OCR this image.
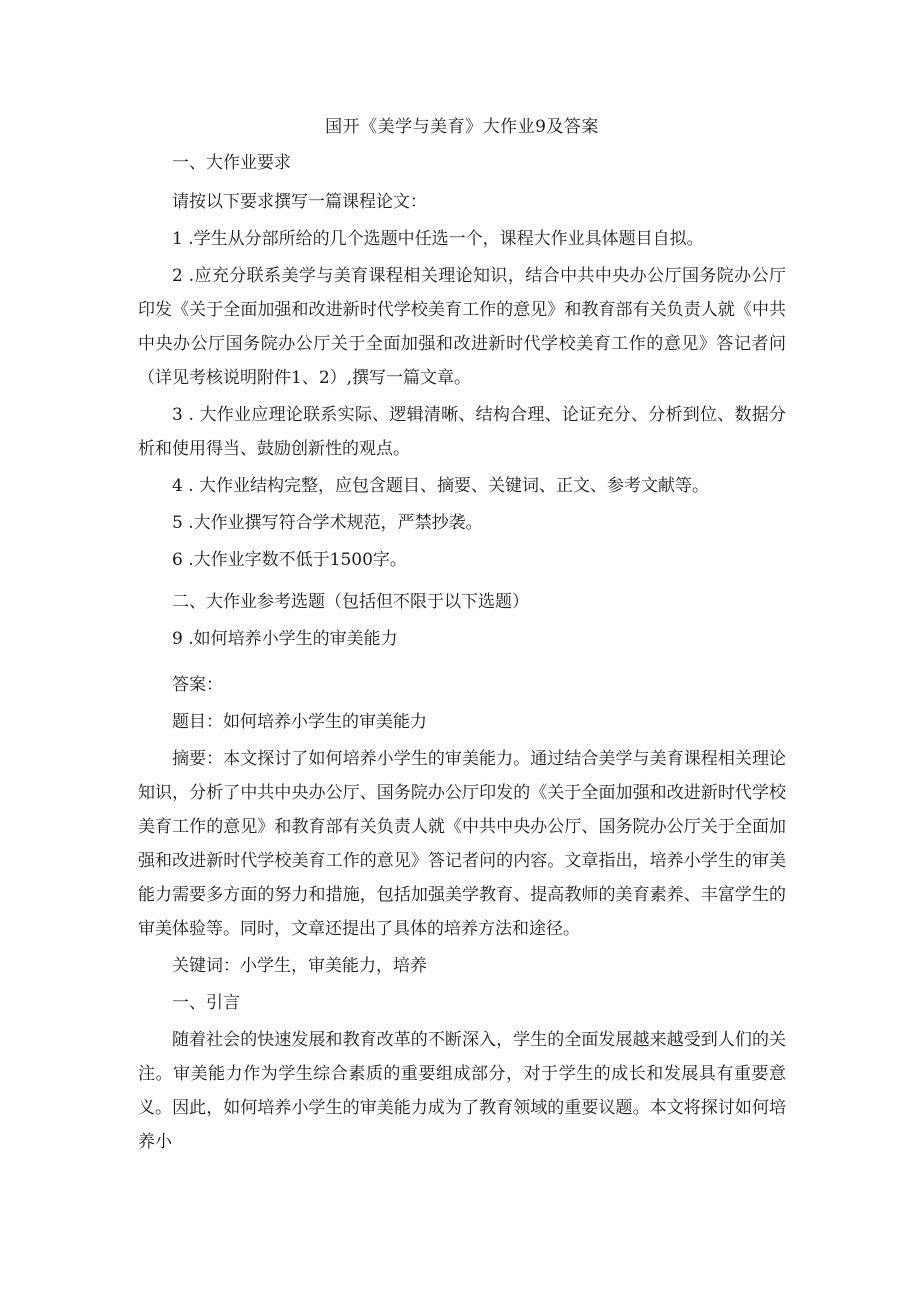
国开《美学与美育》大作业9及答案

一、大作业要求

请按以下要求撰写一篇课程论文：

1 .学生从分部所给的几个选题中任选一个，课程大作业具体题目自拟。

2 .应充分联系美学与美育课程相关理论知识，结合中共中央办公厅国务院办公厅印发《关于全面加强和改进新时代学校美育工作的意见》和教育部有关负责人就《中共中央办公厅国务院办公厅关于全面加强和改进新时代学校美育工作的意见》答记者问（详见考核说明附件1、2）,撰写一篇文章。

3 . 大作业应理论联系实际、逻辑清晰、结构合理、论证充分、分析到位、数据分析和使用得当、鼓励创新性的观点。

4 . 大作业结构完整，应包含题目、摘要、关键词、正文、参考文献等。

5 .大作业撰写符合学术规范，严禁抄袭。

6 .大作业字数不低于1500字。

二、大作业参考选题（包括但不限于以下选题）

9 .如何培养小学生的审美能力

答案：

题目：如何培养小学生的审美能力

摘要：本文探讨了如何培养小学生的审美能力。通过结合美学与美育课程相关理论知识，分析了中共中央办公厅、国务院办公厅印发的《关于全面加强和改进新时代学校美育工作的意见》和教育部有关负责人就《中共中央办公厅、国务院办公厅关于全面加强和改进新时代学校美育工作的意见》答记者问的内容。文章指出，培养小学生的审美能力需要多方面的努力和措施，包括加强美学教育、提高教师的美育素养、丰富学生的审美体验等。同时，文章还提出了具体的培养方法和途径。

关键词：小学生，审美能力，培养

一、引言

随着社会的快速发展和教育改革的不断深入，学生的全面发展越来越受到人们的关注。审美能力作为学生综合素质的重要组成部分，对于学生的成长和发展具有重要意义。因此，如何培养小学生的审美能力成为了教育领域的重要议题。本文将探讨如何培养小
